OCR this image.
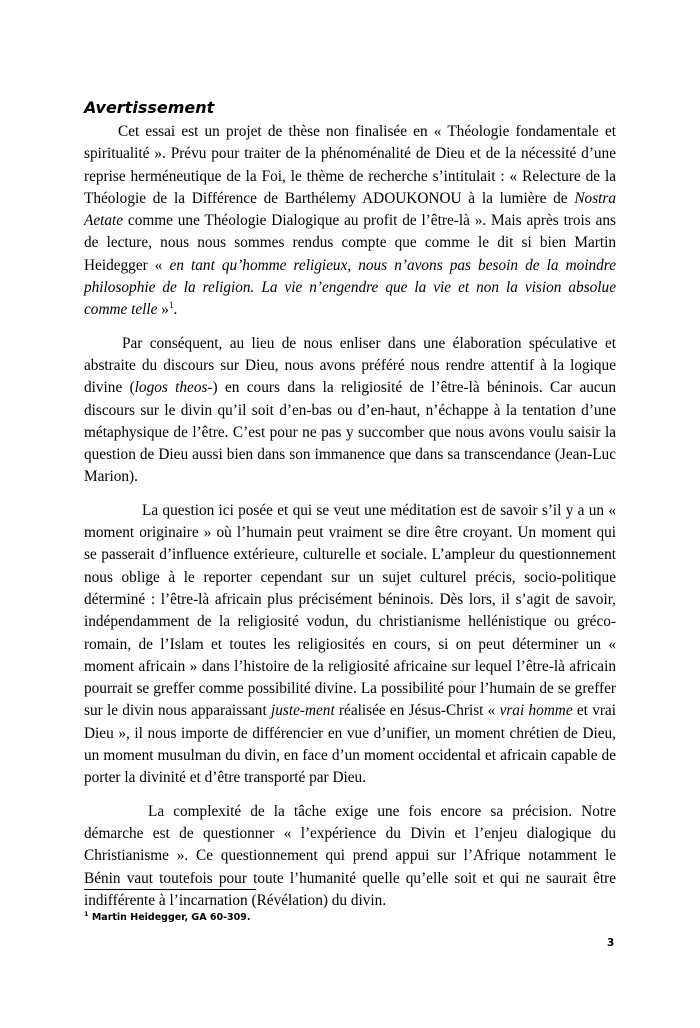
Avertissement

Cet essai est un projet de thèse non finalisée en « Théologie fondamentale et spiritualité ». Prévu pour traiter de la phénoménalité de Dieu et de la nécessité d’une reprise herméneutique de la Foi, le thème de recherche s’intitulait : « Relecture de la Théologie de la Différence de Barthélemy ADOUKONOU à la lumière de Nostra Aetate comme une Théologie Dialogique au profit de l’être-là ». Mais après trois ans de lecture, nous nous sommes rendus compte que comme le dit si bien Martin Heidegger « en tant qu’homme religieux, nous n’avons pas besoin de la moindre philosophie de la religion. La vie n’engendre que la vie et non la vision absolue comme telle »$^1$.

Par conséquent, au lieu de nous enliser dans une élaboration spéculative et abstraite du discours sur Dieu, nous avons préféré nous rendre attentif à la logique divine (logos theos-) en cours dans la religiosité de l’être-là béninois. Car aucun discours sur le divin qu’il soit d’en-bas ou d’en-haut, n’échappe à la tentation d’une métaphysique de l’être. C’est pour ne pas y succomber que nous avons voulu saisir la question de Dieu aussi bien dans son immanence que dans sa transcendance (Jean-Luc Marion).

La question ici posée et qui se veut une méditation est de savoir s’il y a un « moment originaire » où l’humain peut vraiment se dire être croyant. Un moment qui se passerait d’influence extérieure, culturelle et sociale. L’ampleur du questionnement nous oblige à le reporter cependant sur un sujet culturel précis, socio-politique déterminé : l’être-là africain plus précisément béninois. Dès lors, il s’agit de savoir, indépendamment de la religiosité vodun, du christianisme hellénistique ou gréco-romain, de l’Islam et toutes les religiosités en cours, si on peut déterminer un « moment africain » dans l’histoire de la religiosité africaine sur lequel l’être-là africain pourrait se greffer comme possibilité divine. La possibilité pour l’humain de se greffer sur le divin nous apparaissant juste-ment réalisée en Jésus-Christ « vrai homme et vrai Dieu », il nous importe de différencier en vue d’unifier, un moment chrétien de Dieu, un moment musulman du divin, en face d’un moment occidental et africain capable de porter la divinité et d’être transporté par Dieu.

La complexité de la tâche exige une fois encore sa précision. Notre démarche est de questionner « l’expérience du Divin et l’enjeu dialogique du Christianisme ». Ce questionnement qui prend appui sur l’Afrique notamment le Bénin vaut toutefois pour toute l’humanité quelle qu’elle soit et qui ne saurait être indifférente à l’incarnation (Révélation) du divin.

$^1$ Martin Heidegger, GA 60-309.
3
